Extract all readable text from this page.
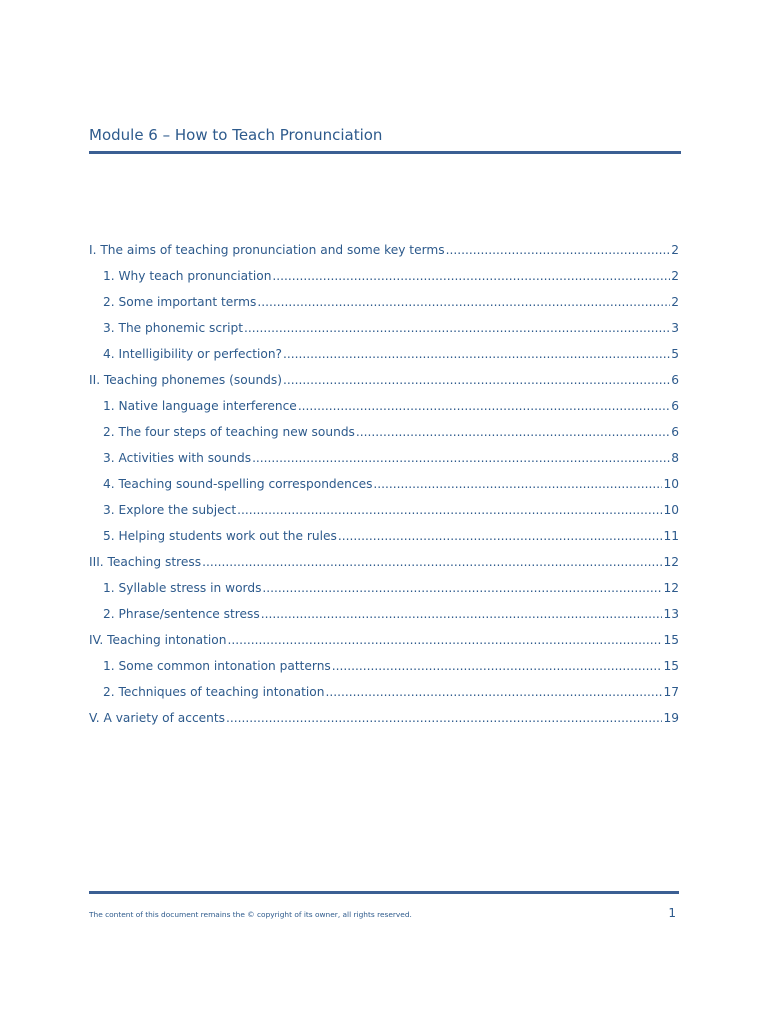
Module 6 – How to Teach Pronunciation
I. The aims of teaching pronunciation and some key terms .....	2
1. Why teach pronunciation .....	2
2. Some important terms .....	2
3. The phonemic script .....	3
4. Intelligibility or perfection? .....	5
II. Teaching phonemes (sounds) .....	6
1. Native language interference .....	6
2. The four steps of teaching new sounds .....	6
3. Activities with sounds .....	8
4. Teaching sound-spelling correspondences .....	10
3. Explore the subject .....	10
5. Helping students work out the rules .....	11
III. Teaching stress .....	12
1. Syllable stress in words .....	12
2. Phrase/sentence stress .....	13
IV. Teaching intonation .....	15
1. Some common intonation patterns .....	15
2. Techniques of teaching intonation .....	17
V. A variety of accents .....	19
The content of this document remains the © copyright of its owner, all rights reserved.	1
